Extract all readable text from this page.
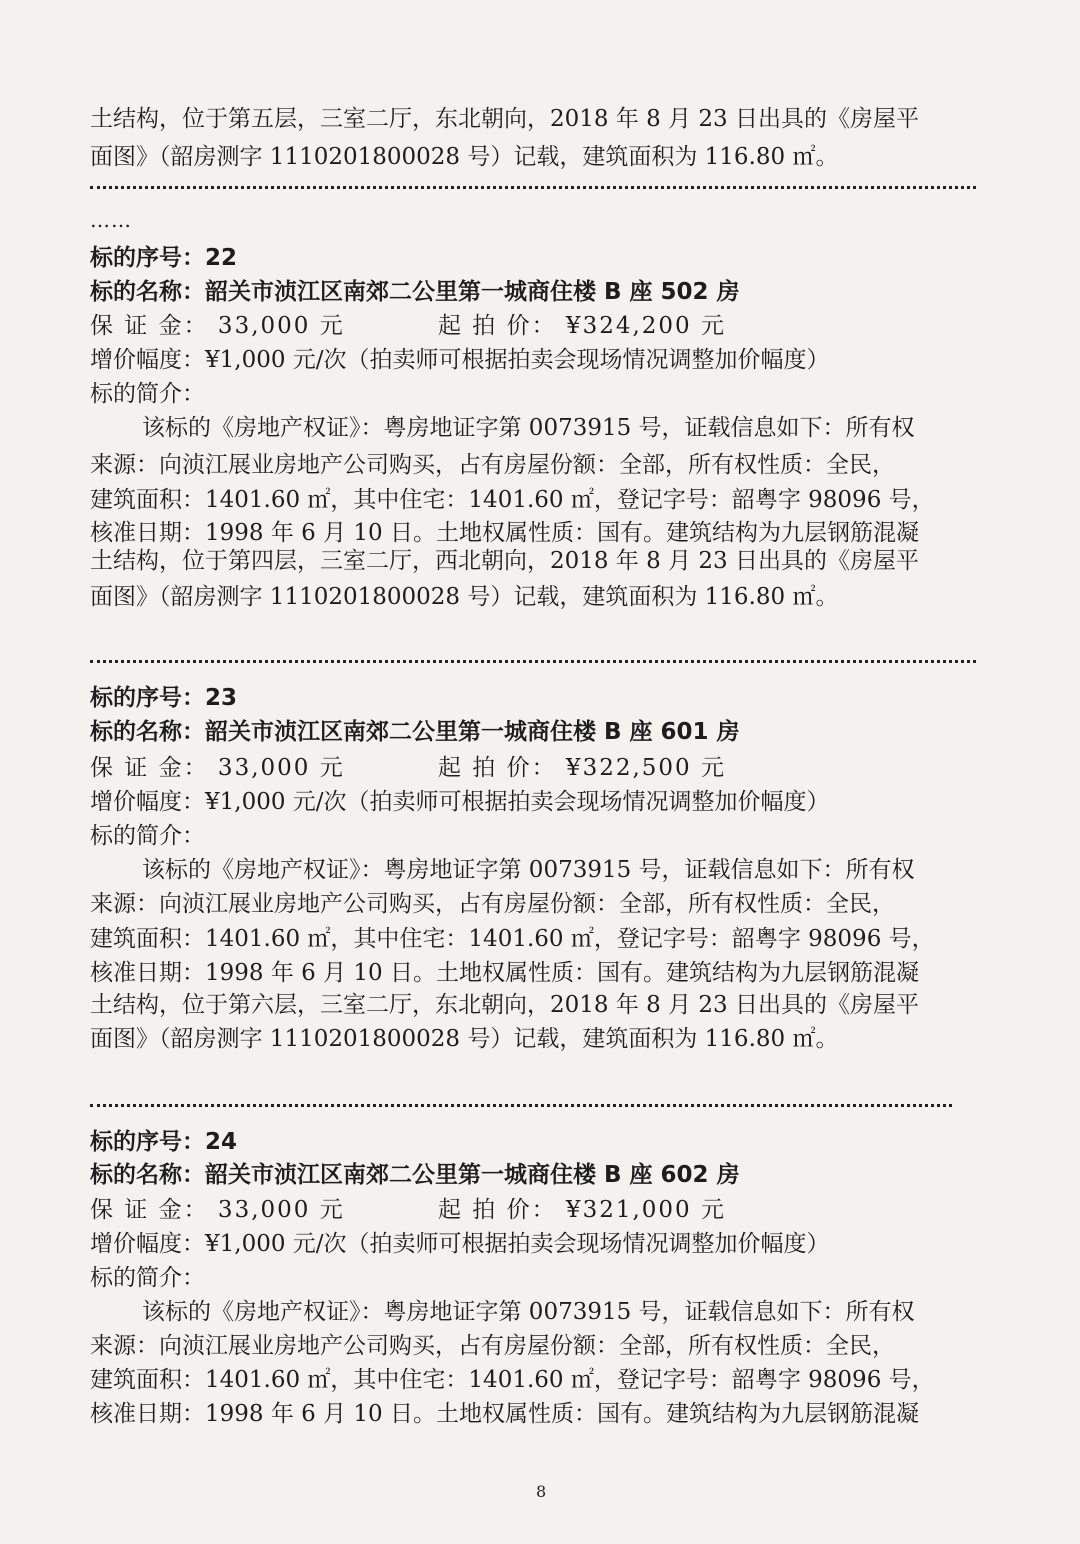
土结构，位于第五层，三室二厅，东北朝向，2018 年 8 月 23 日出具的《房屋平
面图》（韶房测字 1110201800028 号）记载，建筑面积为 116.80 ㎡。
……
标的序号：22
标的名称：韶关市浈江区南郊二公里第一城商住楼 B 座 502 房
保 证 金： 33,000 元	起 拍 价： ¥324,200 元
增价幅度：¥1,000 元/次（拍卖师可根据拍卖会现场情况调整加价幅度）
标的简介：
该标的《房地产权证》：粤房地证字第 0073915 号，证载信息如下：所有权
来源：向浈江展业房地产公司购买，占有房屋份额：全部，所有权性质：全民，
建筑面积：1401.60 ㎡，其中住宅：1401.60 ㎡，登记字号：韶粤字 98096 号，
核准日期：1998 年 6 月 10 日。土地权属性质：国有。建筑结构为九层钢筋混凝
土结构，位于第四层，三室二厅，西北朝向，2018 年 8 月 23 日出具的《房屋平
面图》（韶房测字 1110201800028 号）记载，建筑面积为 116.80 ㎡。
标的序号：23
标的名称：韶关市浈江区南郊二公里第一城商住楼 B 座 601 房
保 证 金： 33,000 元	起 拍 价： ¥322,500 元
增价幅度：¥1,000 元/次（拍卖师可根据拍卖会现场情况调整加价幅度）
标的简介：
该标的《房地产权证》：粤房地证字第 0073915 号，证载信息如下：所有权
来源：向浈江展业房地产公司购买，占有房屋份额：全部，所有权性质：全民，
建筑面积：1401.60 ㎡，其中住宅：1401.60 ㎡，登记字号：韶粤字 98096 号，
核准日期：1998 年 6 月 10 日。土地权属性质：国有。建筑结构为九层钢筋混凝
土结构，位于第六层，三室二厅，东北朝向，2018 年 8 月 23 日出具的《房屋平
面图》（韶房测字 1110201800028 号）记载，建筑面积为 116.80 ㎡。
标的序号：24
标的名称：韶关市浈江区南郊二公里第一城商住楼 B 座 602 房
保 证 金： 33,000 元	起 拍 价： ¥321,000 元
增价幅度：¥1,000 元/次（拍卖师可根据拍卖会现场情况调整加价幅度）
标的简介：
该标的《房地产权证》：粤房地证字第 0073915 号，证载信息如下：所有权
来源：向浈江展业房地产公司购买，占有房屋份额：全部，所有权性质：全民，
建筑面积：1401.60 ㎡，其中住宅：1401.60 ㎡，登记字号：韶粤字 98096 号，
核准日期：1998 年 6 月 10 日。土地权属性质：国有。建筑结构为九层钢筋混凝
8
